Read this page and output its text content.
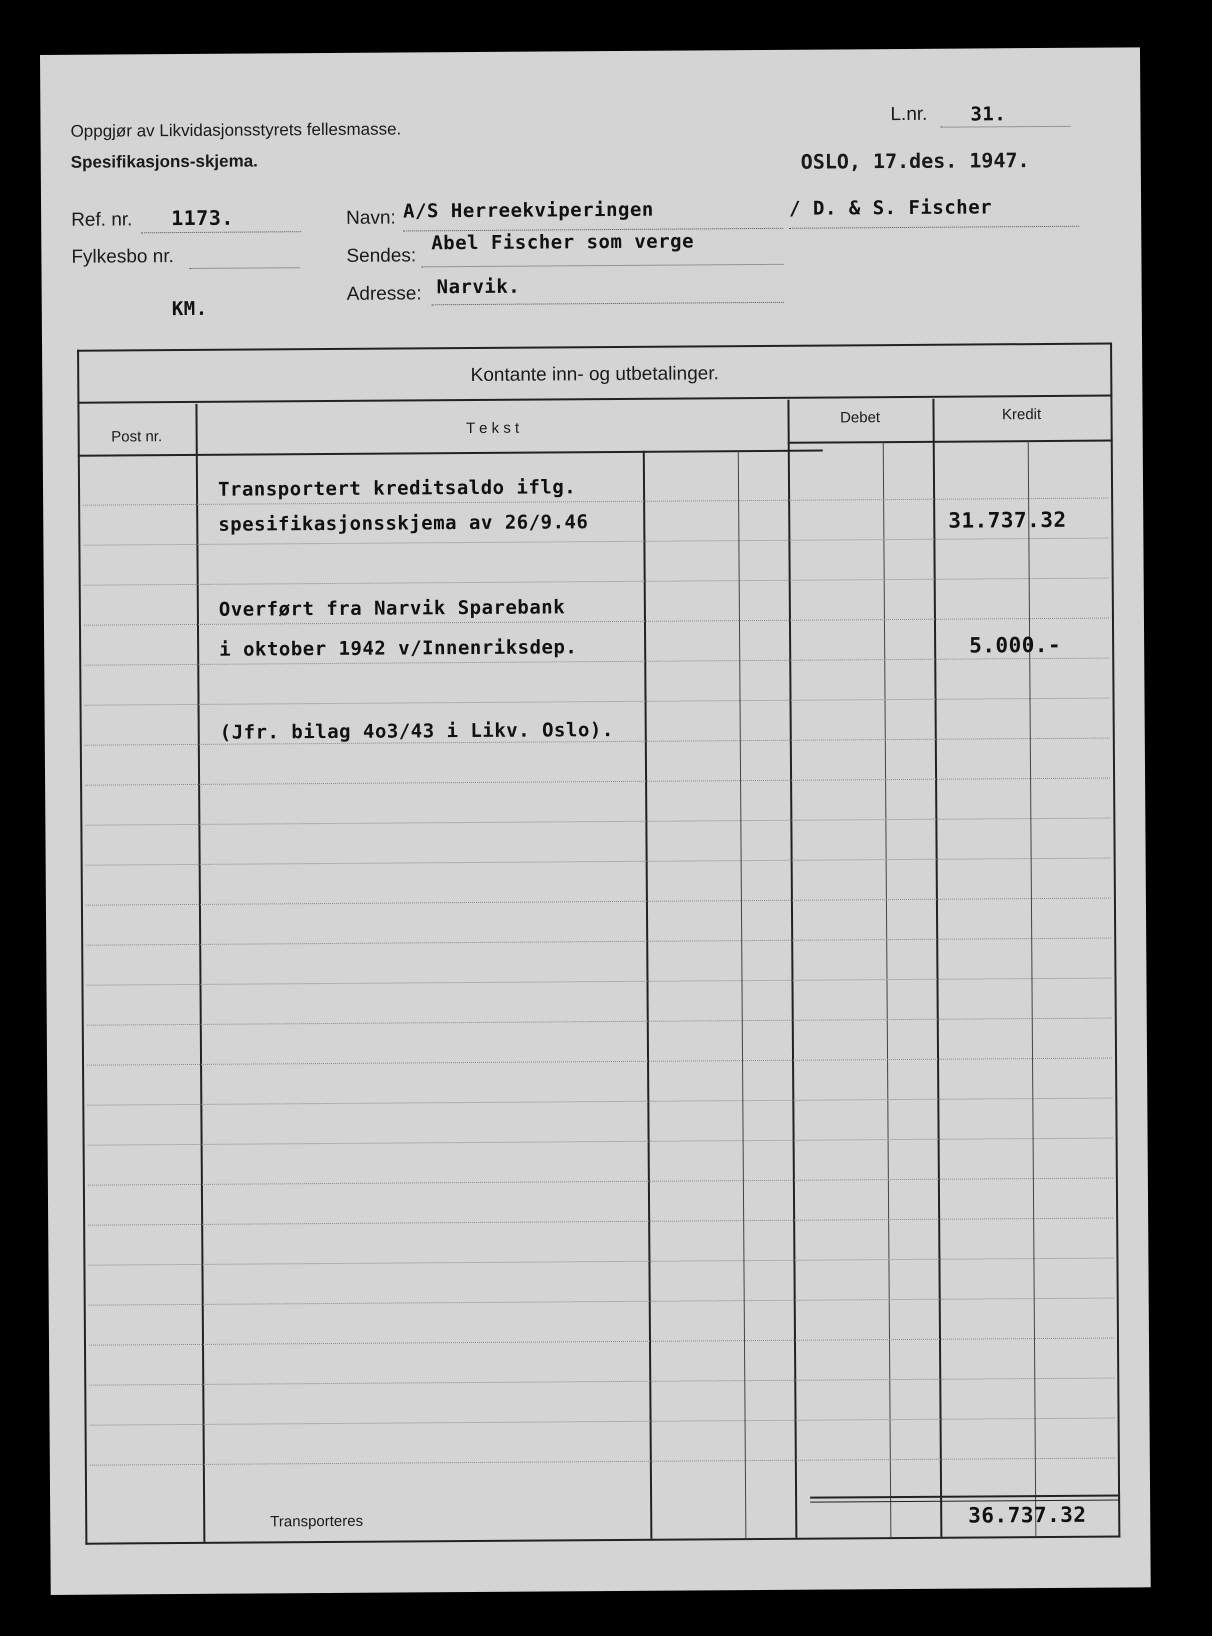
Oppgjør av Likvidasjonsstyrets fellesmasse.
Spesifikasjons-skjema.
L.nr. 31.
OSLO, 17.des. 1947.
Ref. nr. 1173.
Fylkesbo nr.
KM.
Navn: A/S Herreekviperingen	/ D. & S. Fischer
Sendes:
Abel Fischer som verge
Adresse: Narvik.
Kontante inn- og utbetalinger.
Post nr.	T e k s t
Debet	Kredit
Transportert kreditsaldo iflg.
spesifikasjonsskjema av 26/9.46	31.737.32
Overført fra Narvik Sparebank
i oktober 1942 v/Innenriksdep.	5.000.-
(Jfr. bilag 4o3/43 i Likv. Oslo).
Transporteres	36.737.32
